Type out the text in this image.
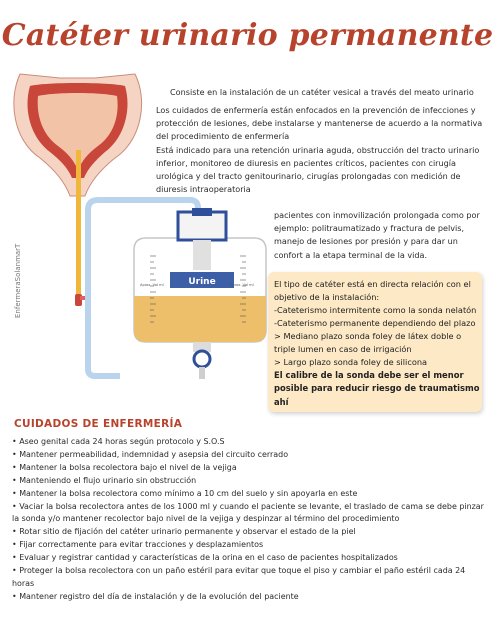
Catéter urinario permanente
EnfermeraSolanmarT	Urine
Aprox. Vol ml	Aprox. Vol ml

Consiste en la instalación de un catéter vesical a través del meato urinario

Los cuidados de enfermería están enfocados en la prevención de infecciones y protección de lesiones, debe instalarse y mantenerse de acuerdo a la normativa del procedimiento de enfermería
Está indicado para una retención urinaria aguda, obstrucción del tracto urinario inferior, monitoreo de diuresis en pacientes críticos, pacientes con cirugía urológica y del tracto genitourinario, cirugías prolongadas con medición de diuresis intraoperatoria

pacientes con inmovilización prolongada como por ejemplo: politraumatizado y fractura de pelvis, manejo de lesiones por presión y para dar un confort a la etapa terminal de la vida.

El tipo de catéter está en directa relación con el objetivo de la instalación:

-Cateterismo intermitente como la sonda nelatón

-Cateterismo permanente dependiendo del plazo

> Mediano plazo sonda foley de látex doble o triple lumen en caso de irrigación

> Largo plazo sonda foley de silicona

El calibre de la sonda debe ser el menor posible para reducir riesgo de traumatismo ahí

CUIDADOS DE ENFERMERÍA
• Aseo genital cada 24 horas según protocolo y S.O.S
• Mantener permeabilidad, indemnidad y asepsia del circuito cerrado
• Mantener la bolsa recolectora bajo el nivel de la vejiga
• Manteniendo el flujo urinario sin obstrucción
• Mantener la bolsa recolectora como mínimo a 10 cm del suelo y sin apoyarla en este
• Vaciar la bolsa recolectora antes de los 1000 ml y cuando el paciente se levante, el traslado de cama se debe pinzar la sonda y/o mantener recolector bajo nivel de la vejiga y despinzar al término del procedimiento
• Rotar sitio de fijación del catéter urinario permanente y observar el estado de la piel
• Fijar correctamente para evitar tracciones y desplazamientos
• Evaluar y registrar cantidad y características de la orina en el caso de pacientes hospitalizados
• Proteger la bolsa recolectora con un paño estéril para evitar que toque el piso y cambiar el paño estéril cada 24 horas
• Mantener registro del día de instalación y de la evolución del paciente
